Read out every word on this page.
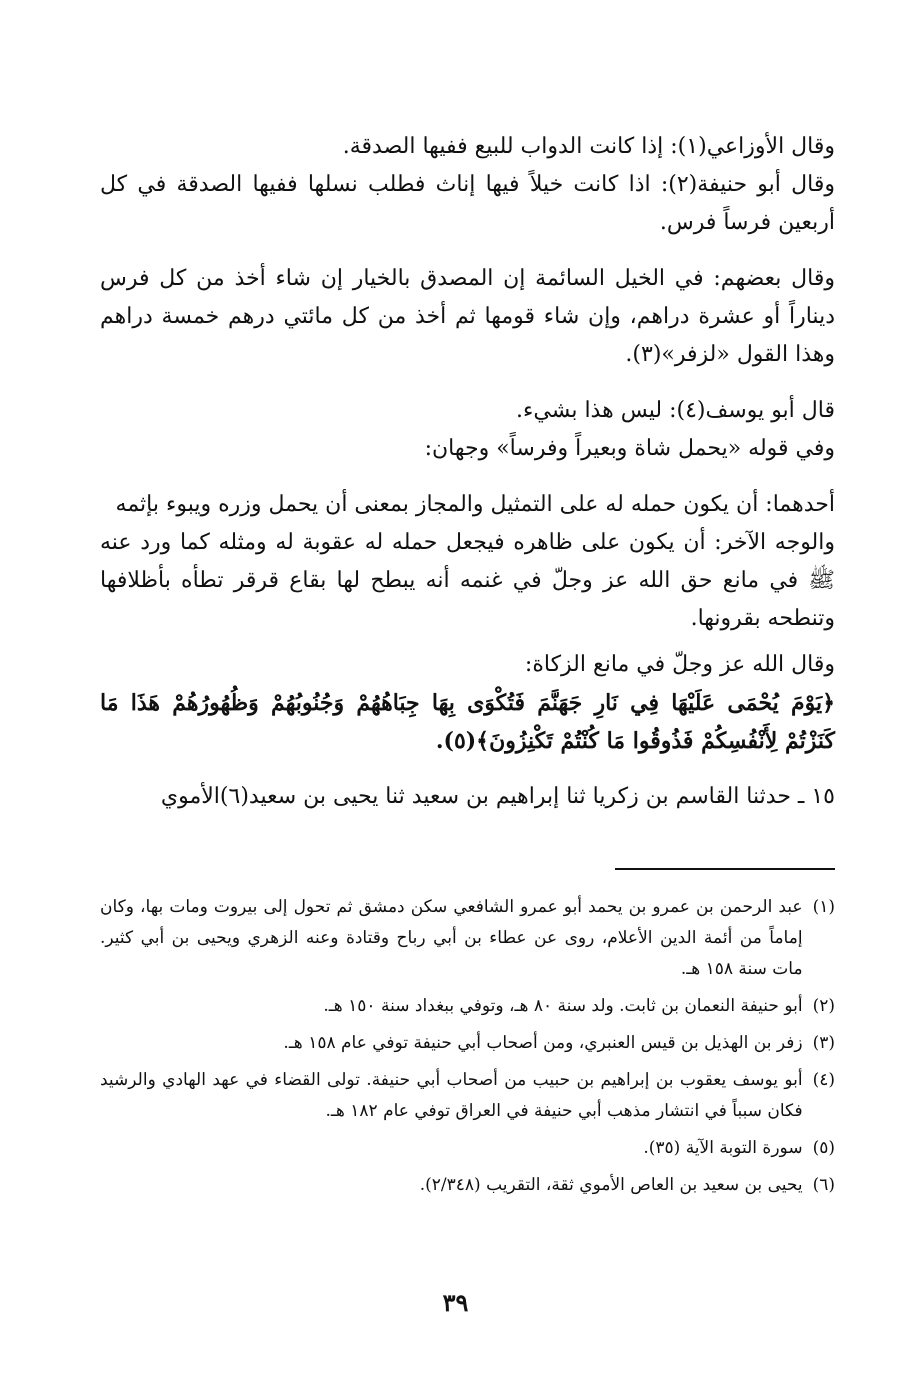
وقال الأوزاعي(١): إذا كانت الدواب للبيع ففيها الصدقة.

وقال أبو حنيفة(٢): اذا كانت خيلاً فيها إناث فطلب نسلها ففيها الصدقة في كل أربعين فرساً فرس.

وقال بعضهم: في الخيل السائمة إن المصدق بالخيار إن شاء أخذ من كل فرس ديناراً أو عشرة دراهم، وإن شاء قومها ثم أخذ من كل مائتي درهم خمسة دراهم وهذا القول «لزفر»(٣).

قال أبو يوسف(٤): ليس هذا بشيء.

وفي قوله «يحمل شاة وبعيراً وفرساً» وجهان:

أحدهما: أن يكون حمله له على التمثيل والمجاز بمعنى أن يحمل وزره ويبوء بإثمه

والوجه الآخر: أن يكون على ظاهره فيجعل حمله له عقوبة له ومثله كما ورد عنه ﷺ في مانع حق الله عز وجلّ في غنمه أنه يبطح لها بقاع قرقر تطأه بأظلافها وتنطحه بقرونها.

وقال الله عز وجلّ في مانع الزكاة:

﴿يَوْمَ يُحْمَى عَلَيْهَا فِي نَارِ جَهَنَّمَ فَتُكْوَى بِهَا جِبَاهُهُمْ وَجُنُوبُهُمْ وَظُهُورُهُمْ هَذَا مَا كَنَزْتُمْ لِأَنْفُسِكُمْ فَذُوقُوا مَا كُنْتُمْ تَكْنِزُونَ﴾(٥).

١٥ ـ حدثنا القاسم بن زكريا ثنا إبراهيم بن سعيد ثنا يحيى بن سعيد(٦)الأموي

(١)
عبد الرحمن بن عمرو بن يحمد أبو عمرو الشافعي سكن دمشق ثم تحول إلى بيروت ومات بها، وكان إماماً من أئمة الدين الأعلام، روى عن عطاء بن أبي رباح وقتادة وعنه الزهري ويحيى بن أبي كثير. مات سنة ١٥٨ هـ.
(٢)
أبو حنيفة النعمان بن ثابت. ولد سنة ٨٠ هـ، وتوفي ببغداد سنة ١٥٠ هـ.
(٣)
زفر بن الهذيل بن قيس العنبري، ومن أصحاب أبي حنيفة توفي عام ١٥٨ هـ.
(٤)
أبو يوسف يعقوب بن إبراهيم بن حبيب من أصحاب أبي حنيفة. تولى القضاء في عهد الهادي والرشيد فكان سبباً في انتشار مذهب أبي حنيفة في العراق توفي عام ١٨٢ هـ.
(٥)
سورة التوبة الآية (٣٥).
(٦)
يحيى بن سعيد بن العاص الأموي ثقة، التقريب (٢/٣٤٨).
٣٩
